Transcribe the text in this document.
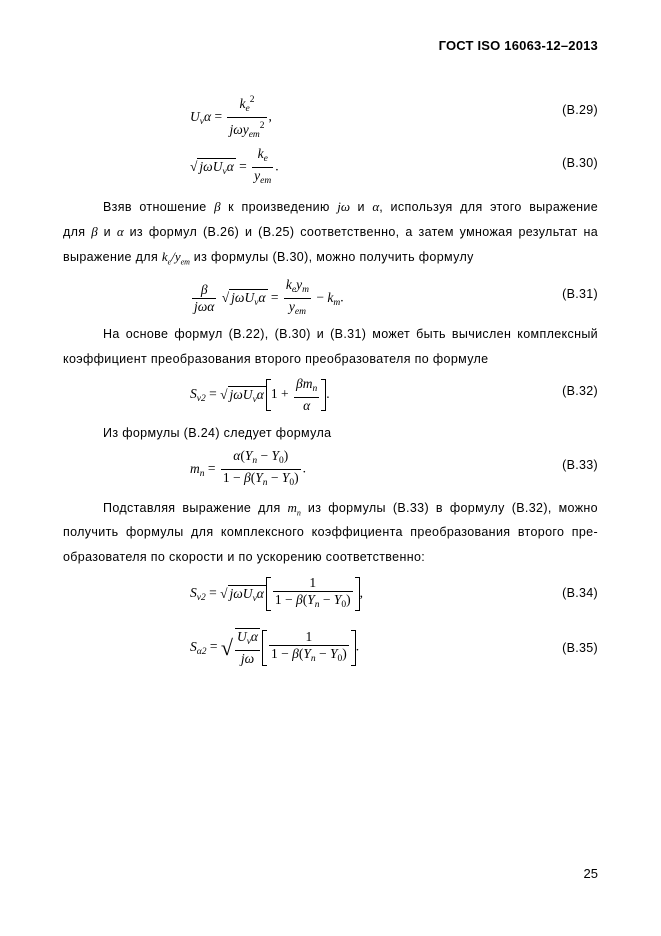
ГОСТ ISO 16063-12–2013
$U_v\alpha = \frac{k_e^2}{j\omega y_{em}^2}$ ,	(В.29)
√ $j\omega U_v\alpha = \frac{k_e}{y_{em}}$ .	(В.30)
Взяв отношение β к произведению jω и α, используя для этого выражение
для β и α из формул (В.26) и (В.25) соответственно, а затем умножая результат на
выражение для $k_e/y_{em}$ из формулы (В.30), можно получить формулу
$\frac{\beta}{\text{jωα}}$ √ $j\omega U_v\alpha = \frac{k_ey_m}{y_{em}} - k_m$.	(В.31)
На основе формул (В.22), (В.30) и (В.31) может быть вычислен комплексный
коэффициент преобразования второго преобразователя по формуле
$S_{v2}$ = √ jωU$_v$α $1 + \frac{\beta m_n}{\alpha}$ .	(В.32)
Из формулы (В.24) следует формула
$m_n = \frac{\alpha(Y_n - Y_0)}{1 - \beta(Y_n - Y_0)}$ .	(В.33)
Подставляя выражение для $m_n$ из формулы (В.33) в формулу (В.32), можно
получить формулы для комплексного коэффициента преобразования второго пре-
образователя по скорости и по ускорению соответственно:
$S_{v2}$ = √ $j\omega U_v\alpha \frac{1}{1 - \beta(Y_n - Y_0)}$ ,	(В.34)
$S_{\alpha 2}$ = √ $\frac{U_v\alpha}{j\omega} \frac{1}{1 - \beta(Y_n - Y_0)}$ .	(В.35)
25
